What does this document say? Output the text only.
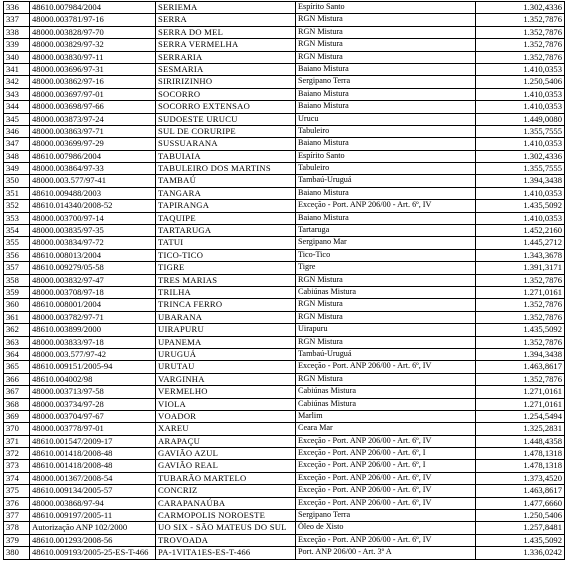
336	48610.007984/2004	SERIEMA	Espírito Santo	1.302,4336
337	48000.003781/97-16	SERRA	RGN Mistura	1.352,7876
338	48000.003828/97-70	SERRA DO MEL	RGN Mistura	1.352,7876
339	48000.003829/97-32	SERRA VERMELHA	RGN Mistura	1.352,7876
340	48000.003830/97-11	SERRARIA	RGN Mistura	1.352,7876
341	48000.003696/97-31	SESMARIA	Baiano Mistura	1.410,0353
342	48000.003862/97-16	SIRIRIZINHO	Sergipano Terra	1.250,5406
343	48000.003697/97-01	SOCORRO	Baiano Mistura	1.410,0353
344	48000.003698/97-66	SOCORRO EXTENSAO	Baiano Mistura	1.410,0353
345	48000.003873/97-24	SUDOESTE URUCU	Urucu	1.449,0080
346	48000.003863/97-71	SUL DE CORURIPE	Tabuleiro	1.355,7555
347	48000.003699/97-29	SUSSUARANA	Baiano Mistura	1.410,0353
348	48610.007986/2004	TABUIAIA	Espírito Santo	1.302,4336
349	48000.003864/97-33	TABULEIRO DOS MARTINS	Tabuleiro	1.355,7555
350	48000.003.577/97-41	TAMBAÚ	Tambaú-Uruguá	1.394,3438
351	48610.009488/2003	TANGARA	Baiano Mistura	1.410,0353
352	48610.014340/2008-52	TAPIRANGA	Exceção - Port. ANP 206/00 - Art. 6º, IV	1.435,5092
353	48000.003700/97-14	TAQUIPE	Baiano Mistura	1.410,0353
354	48000.003835/97-35	TARTARUGA	Tartaruga	1.452,2160
355	48000.003834/97-72	TATUI	Sergipano Mar	1.445,2712
356	48610.008013/2004	TICO-TICO	Tico-Tico	1.343,3678
357	48610.009279/05-58	TIGRE	Tigre	1.391,3171
358	48000.003832/97-47	TRES MARIAS	RGN Mistura	1.352,7876
359	48000.003708/97-18	TRILHA	Cabiúnas Mistura	1.271,0161
360	48610.008001/2004	TRINCA FERRO	RGN Mistura	1.352,7876
361	48000.003782/97-71	UBARANA	RGN Mistura	1.352,7876
362	48610.003899/2000	UIRAPURU	Uirapuru	1.435,5092
363	48000.003833/97-18	UPANEMA	RGN Mistura	1.352,7876
364	48000.003.577/97-42	URUGUÁ	Tambaú-Uruguá	1.394,3438
365	48610.009151/2005-94	URUTAU	Exceção - Port. ANP 206/00 - Art. 6º, IV	1.463,8617
366	48610.004002/98	VARGINHA	RGN Mistura	1.352,7876
367	48000.003713/97-58	VERMELHO	Cabiúnas Mistura	1.271,0161
368	48000.003734/97-28	VIOLA	Cabiúnas Mistura	1.271,0161
369	48000.003704/97-67	VOADOR	Marlim	1.254,5494
370	48000.003778/97-01	XAREU	Ceara Mar	1.325,2831
371	48610.001547/2009-17	ARAPAÇU	Exceção - Port. ANP 206/00 - Art. 6º, IV	1.448,4358
372	48610.001418/2008-48	GAVIÃO AZUL	Exceção - Port. ANP 206/00 - Art. 6º, I	1.478,1318
373	48610.001418/2008-48	GAVIÃO REAL	Exceção - Port. ANP 206/00 - Art. 6º, I	1.478,1318
374	48000.001367/2008-54	TUBARÃO MARTELO	Exceção - Port. ANP 206/00 - Art. 6º, IV	1.373,4520
375	48610.009134/2005-57	CONCRIZ	Exceção - Port. ANP 206/00 - Art. 6º, IV	1.463,8617
376	48000.003868/97-94	CARAPANAÚBA	Exceção - Port. ANP 206/00 - Art. 6º, IV	1.477,6660
377	48610.009197/2005-11	CARMOPOLIS NOROESTE	Sergipano Terra	1.250,5406
378	Autorização ANP 102/2000	UO SIX - SÃO MATEUS DO SUL	Óleo de Xisto	1.257,8481
379	48610.001293/2008-56	TROVOADA	Exceção - Port. ANP 206/00 - Art. 6º, IV	1.435,5092
380	48610.009193/2005-25-ES-T-466	PA-1VITA1ES-ES-T-466	Port. ANP 206/00 - Art. 3º A	1.336,0242
